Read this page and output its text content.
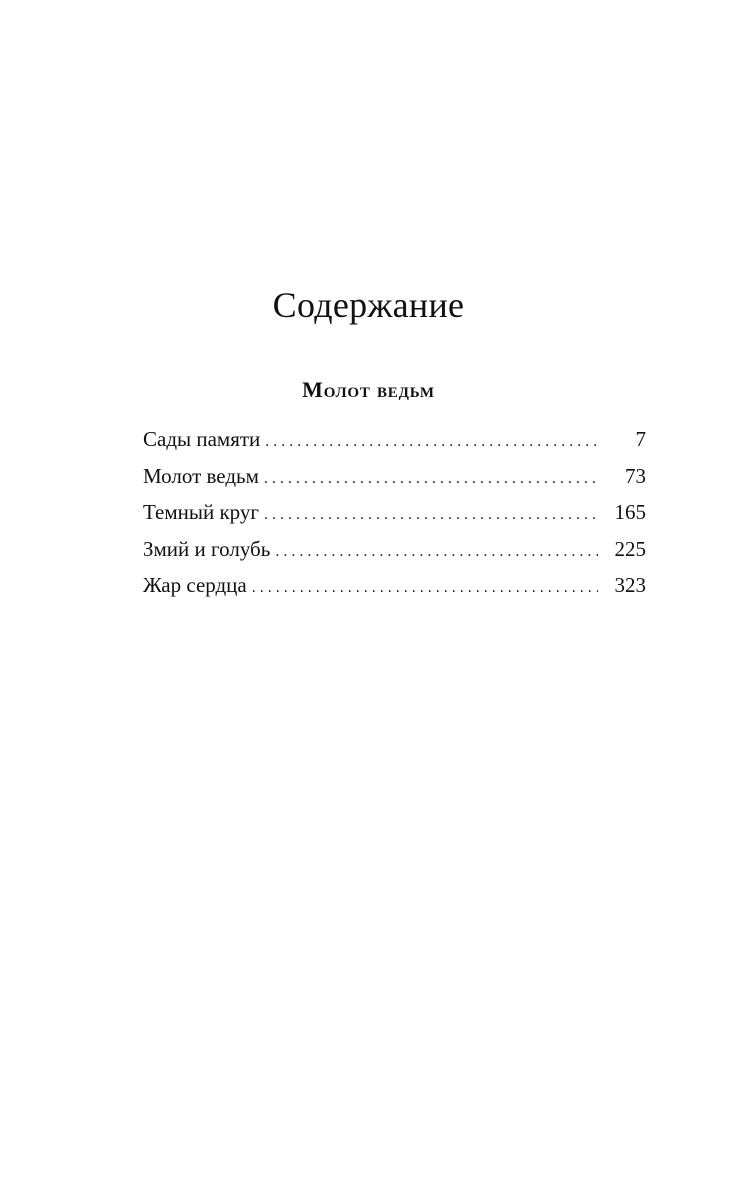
Содержание
Молот ведьм
Сады памяти . . .	7
Молот ведьм . . .	73
Темный круг . . .	165
Змий и голубь . . .	225
Жар сердца . . .	323
